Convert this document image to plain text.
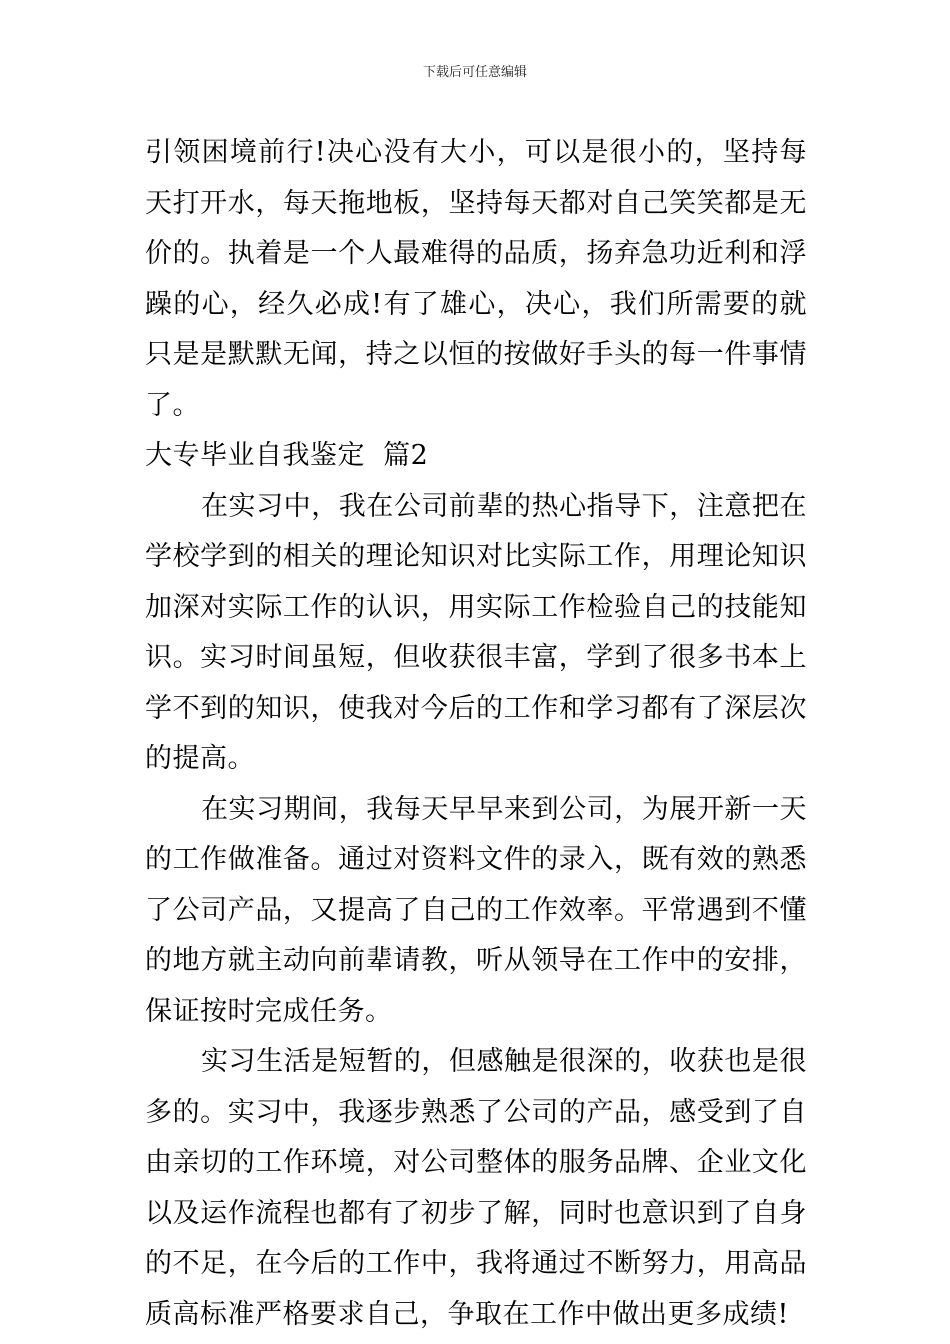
下载后可任意编辑

引领困境前行!决心没有大小，可以是很小的，坚持每天打开水，每天拖地板，坚持每天都对自己笑笑都是无价的。执着是一个人最难得的品质，扬弃急功近利和浮躁的心，经久必成!有了雄心，决心，我们所需要的就只是是默默无闻，持之以恒的按做好手头的每一件事情了。

大专毕业自我鉴定  篇2

在实习中，我在公司前辈的热心指导下，注意把在学校学到的相关的理论知识对比实际工作，用理论知识加深对实际工作的认识，用实际工作检验自己的技能知识。实习时间虽短，但收获很丰富，学到了很多书本上学不到的知识，使我对今后的工作和学习都有了深层次的提高。

在实习期间，我每天早早来到公司，为展开新一天的工作做准备。通过对资料文件的录入，既有效的熟悉了公司产品，又提高了自己的工作效率。平常遇到不懂的地方就主动向前辈请教，听从领导在工作中的安排，保证按时完成任务。

实习生活是短暂的，但感触是很深的，收获也是很多的。实习中，我逐步熟悉了公司的产品，感受到了自由亲切的工作环境，对公司整体的服务品牌、企业文化以及运作流程也都有了初步了解，同时也意识到了自身的不足，在今后的工作中，我将通过不断努力，用高品质高标准严格要求自己，争取在工作中做出更多成绩!
